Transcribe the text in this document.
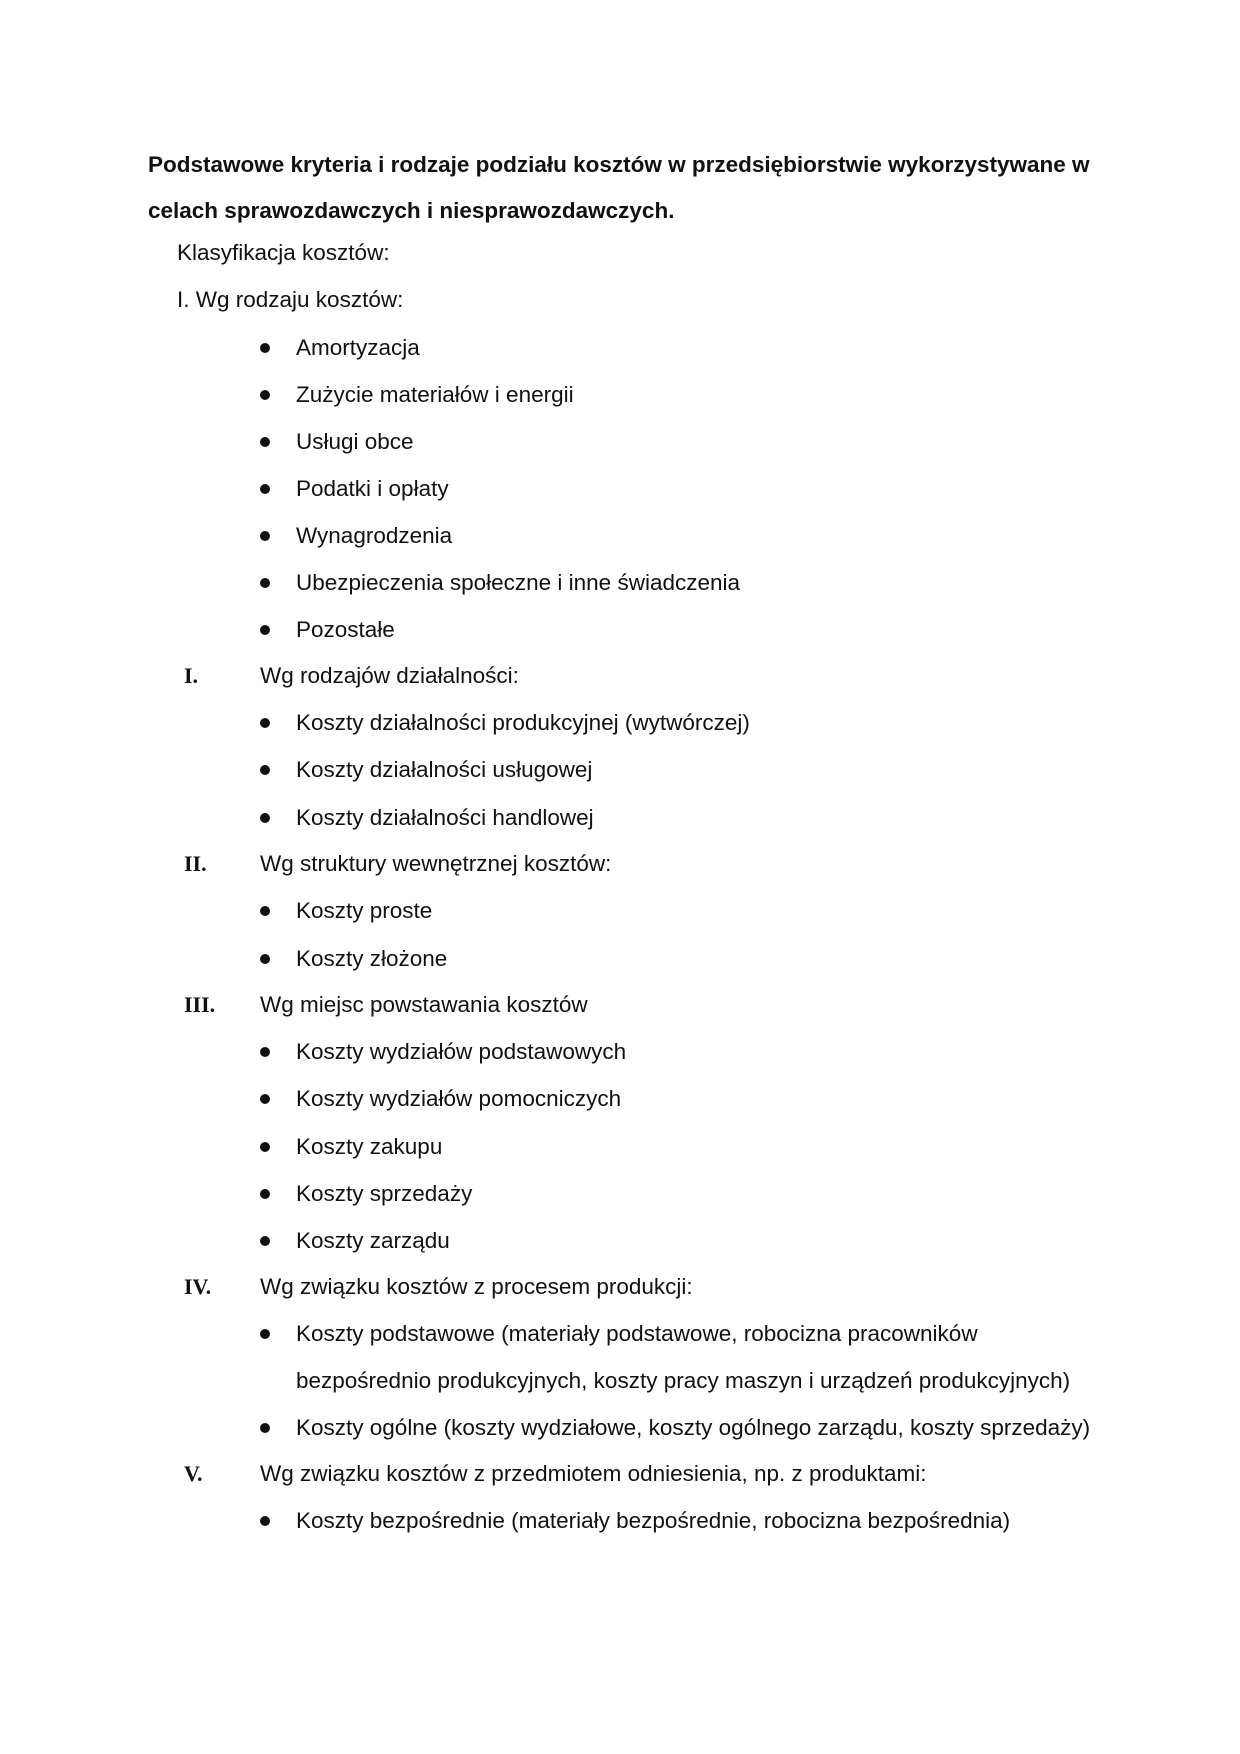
Podstawowe kryteria i rodzaje podziału kosztów w przedsiębiorstwie wykorzystywane w celach sprawozdawczych i niesprawozdawczych.

Klasyfikacja kosztów:
I. Wg rodzaju kosztów:
Amortyzacja
Zużycie materiałów i energii
Usługi obce
Podatki i opłaty
Wynagrodzenia
Ubezpieczenia społeczne i inne świadczenia
Pozostałe
I.	Wg rodzajów działalności:
Koszty działalności produkcyjnej (wytwórczej)
Koszty działalności usługowej
Koszty działalności handlowej
II. Wg struktury wewnętrznej kosztów:
Koszty proste
Koszty złożone
III. Wg miejsc powstawania kosztów
Koszty wydziałów podstawowych
Koszty wydziałów pomocniczych
Koszty zakupu
Koszty sprzedaży
Koszty zarządu
IV. Wg związku kosztów z procesem produkcji:
Koszty podstawowe (materiały podstawowe, robocizna pracowników
bezpośrednio produkcyjnych, koszty pracy maszyn i urządzeń produkcyjnych)
Koszty ogólne (koszty wydziałowe, koszty ogólnego zarządu, koszty sprzedaży)
V.	Wg związku kosztów z przedmiotem odniesienia, np. z produktami:
Koszty bezpośrednie (materiały bezpośrednie, robocizna bezpośrednia)
